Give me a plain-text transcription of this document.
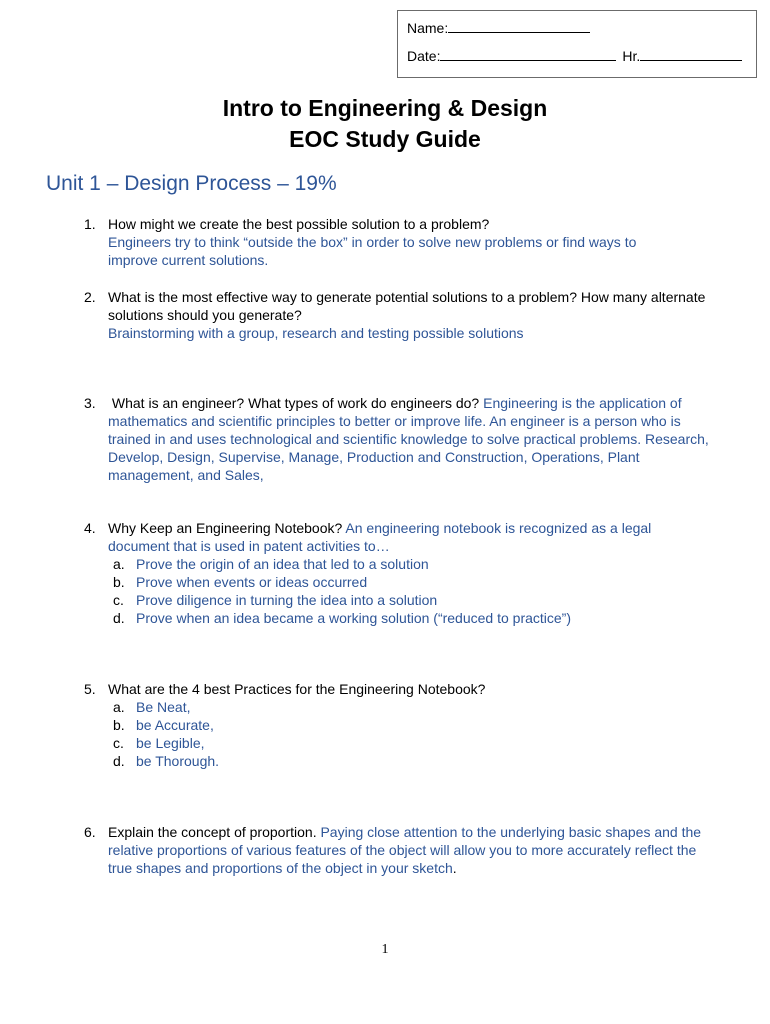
Name:
Date:	Hr.
Intro to Engineering & Design
EOC Study Guide
Unit 1 – Design Process – 19%
1. How might we create the best possible solution to a problem?
Engineers try to think “outside the box” in order to solve new problems or find ways to improve current solutions.
2. What is the most effective way to generate potential solutions to a problem? How many alternate solutions should you generate?
Brainstorming with a group, research and testing possible solutions
3. What is an engineer? What types of work do engineers do? Engineering is the application of mathematics and scientific principles to better or improve life. An engineer is a person who is trained in and uses technological and scientific knowledge to solve practical problems. Research, Develop, Design, Supervise, Manage, Production and Construction, Operations, Plant management, and Sales,
4. Why Keep an Engineering Notebook? An engineering notebook is recognized as a legal document that is used in patent activities to…
a. Prove the origin of an idea that led to a solution
b. Prove when events or ideas occurred
c. Prove diligence in turning the idea into a solution
d. Prove when an idea became a working solution (“reduced to practice”)
5. What are the 4 best Practices for the Engineering Notebook?
a. Be Neat,
b. be Accurate,
c. be Legible,
d. be Thorough.
6. Explain the concept of proportion. Paying close attention to the underlying basic shapes and the relative proportions of various features of the object will allow you to more accurately reflect the true shapes and proportions of the object in your sketch.
1
